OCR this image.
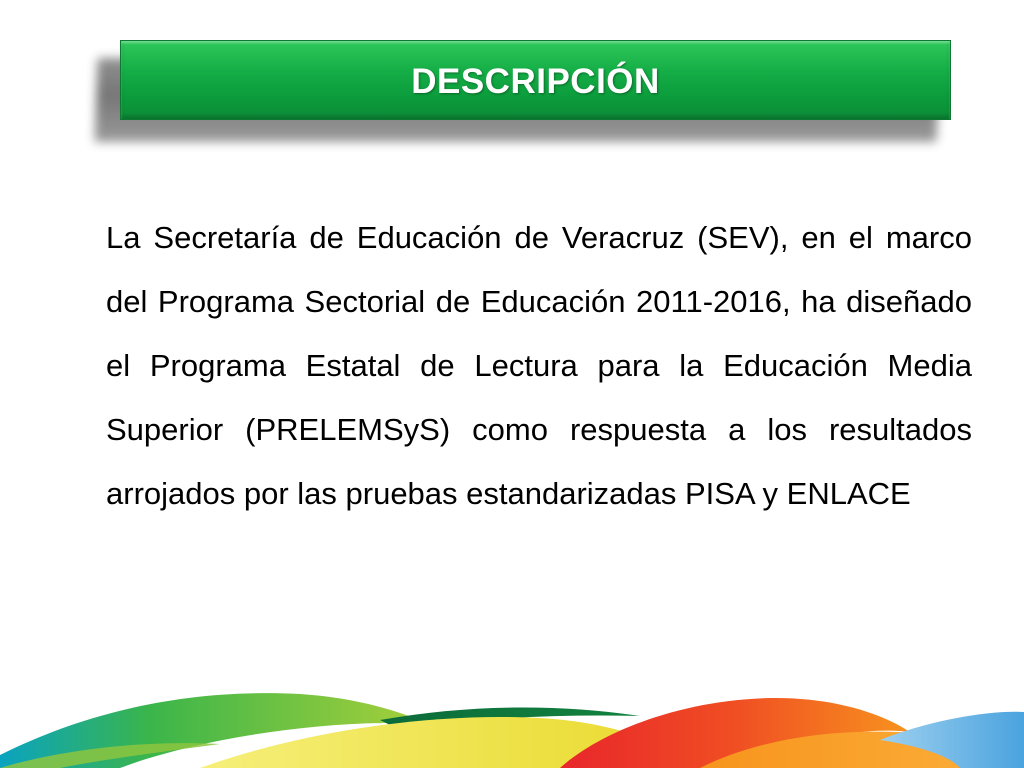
DESCRIPCIÓN

La Secretaría de Educación de Veracruz (SEV), en el marco del Programa Sectorial de Educación 2011-2016, ha diseñado el Programa Estatal de Lectura para la Educación Media Superior (PRELEMSyS) como respuesta a los resultados arrojados por las pruebas estandarizadas PISA y ENLACE
